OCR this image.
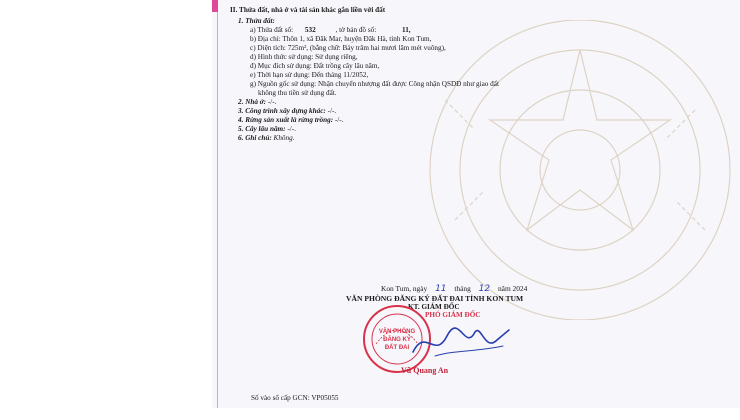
II. Thửa đất, nhà ở và tài sản khác gắn liền với đất
1. Thửa đất:
a) Thửa đất số: 532	, tờ bản đồ số:	11,
b) Địa chỉ: Thôn 1, xã Đăk Mar, huyện Đăk Hà, tỉnh Kon Tum,
c) Diện tích: 725m², (bằng chữ: Bảy trăm hai mươi lăm mét vuông),
d) Hình thức sử dụng: Sử dụng riêng,
đ) Mục đích sử dụng: Đất trồng cây lâu năm,
e) Thời hạn sử dụng: Đến tháng 11/2052,
g) Nguồn gốc sử dụng: Nhận chuyển nhượng đất được Công nhận QSDĐ như giao đất
không thu tiền sử dụng đất.
2. Nhà ở: -/-.
3. Công trình xây dựng khác: -/-.
4. Rừng sản xuất là rừng trồng: -/-.
5. Cây lâu năm: -/-.
6. Ghi chú: Không.
Kon Tum, ngày 11 tháng 12 năm 2024
VĂN PHÒNG ĐĂNG KÝ ĐẤT ĐAI TỈNH KON TUM
KT. GIÁM ĐỐC
PHÓ GIÁM ĐỐC
VĂN PHÒNG
ĐĂNG KÝ
ĐẤT ĐAI
Vũ Quang An
Số vào sổ cấp GCN: VP05055
